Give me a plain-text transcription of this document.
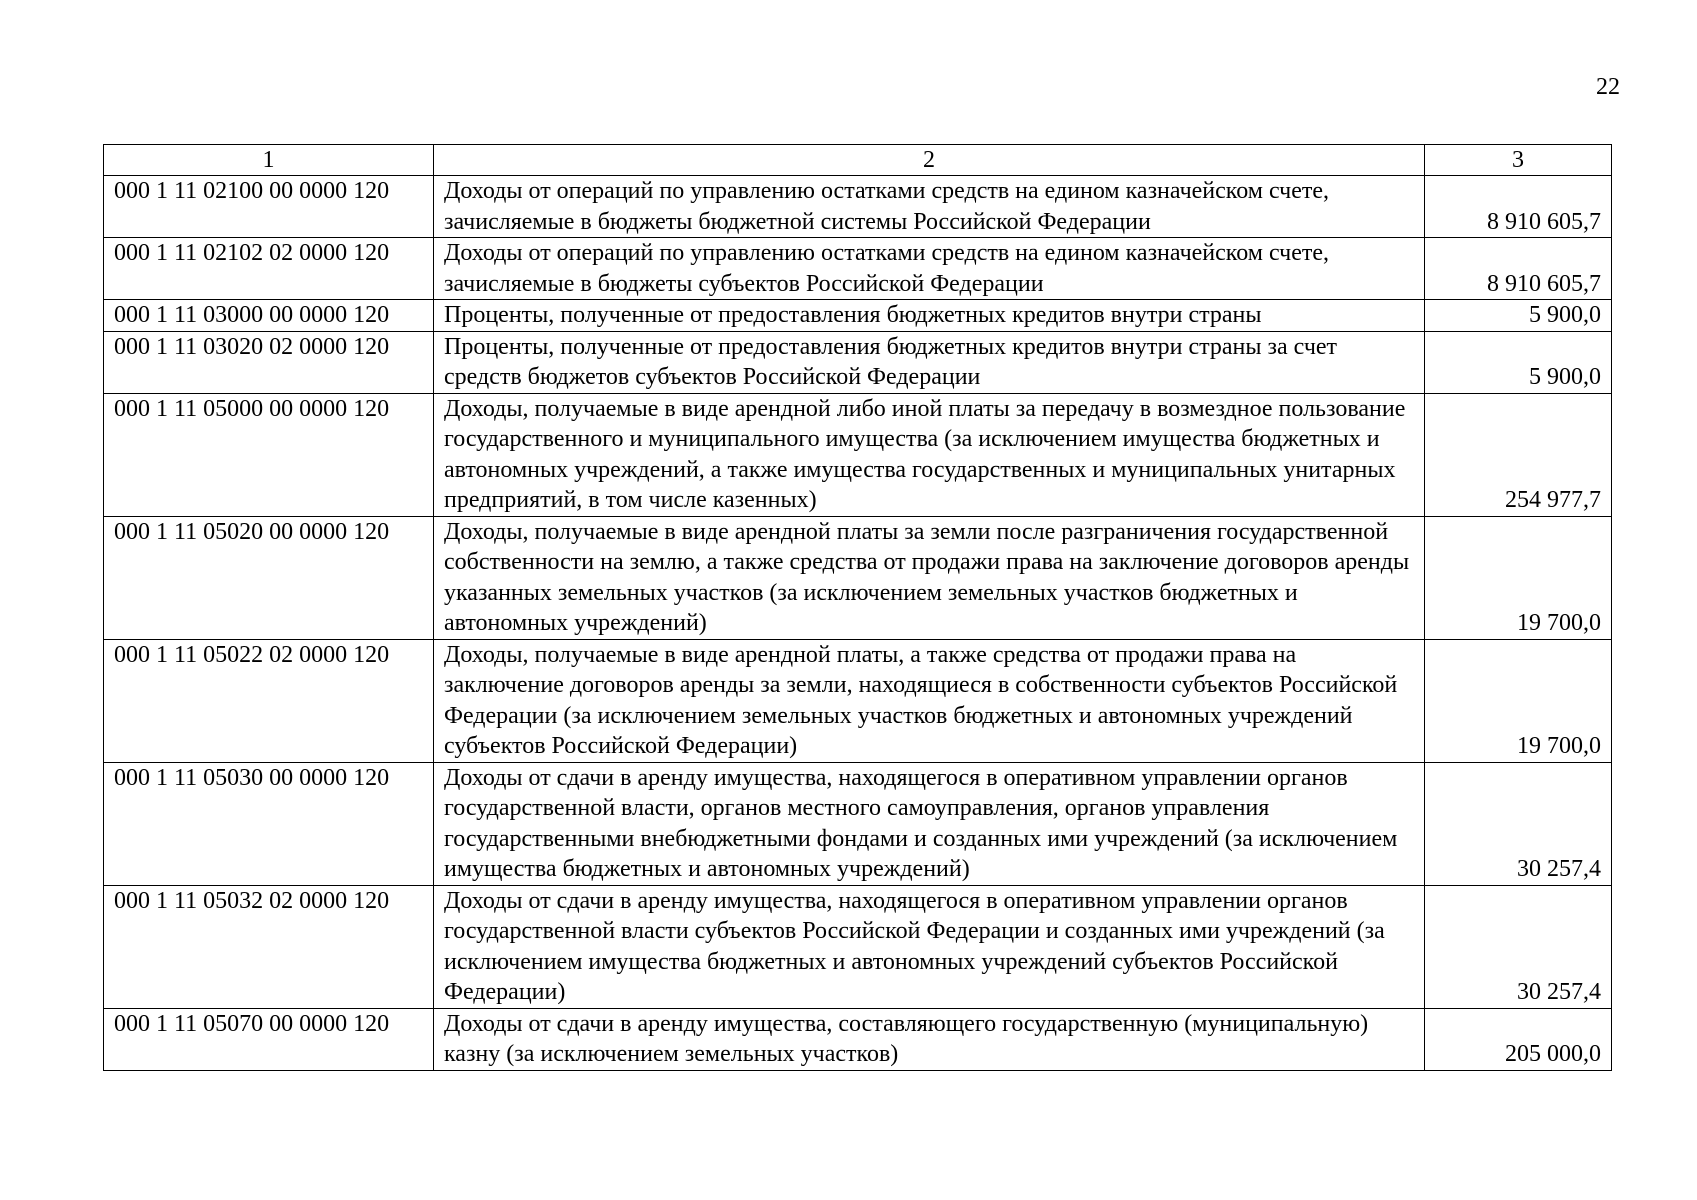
22
1	2	3
000 1 11 02100 00 0000 120	Доходы от операций по управлению остатками средств на едином казначейском счете, зачисляемые в бюджеты бюджетной системы Российской Федерации	8 910 605,7
000 1 11 02102 02 0000 120	Доходы от операций по управлению остатками средств на едином казначейском счете, зачисляемые в бюджеты субъектов Российской Федерации	8 910 605,7
000 1 11 03000 00 0000 120	Проценты, полученные от предоставления бюджетных кредитов внутри страны	5 900,0
000 1 11 03020 02 0000 120	Проценты, полученные от предоставления бюджетных кредитов внутри страны за счет средств бюджетов субъектов Российской Федерации	5 900,0
000 1 11 05000 00 0000 120	Доходы, получаемые в виде арендной либо иной платы за передачу в возмездное пользование государственного и муниципального имущества (за исключением имущества бюджетных и автономных учреждений, а также имущества государственных и муниципальных унитарных предприятий, в том числе казенных)	254 977,7
000 1 11 05020 00 0000 120	Доходы, получаемые в виде арендной платы за земли после разграничения государственной собственности на землю, а также средства от продажи права на заключение договоров аренды указанных земельных участков (за исключением земельных участков бюджетных и автономных учреждений)	19 700,0
000 1 11 05022 02 0000 120	Доходы, получаемые в виде арендной платы, а также средства от продажи права на заключение договоров аренды за земли, находящиеся в собственности субъектов Российской Федерации (за исключением земельных участков бюджетных и автономных учреждений субъектов Российской Федерации)	19 700,0
000 1 11 05030 00 0000 120	Доходы от сдачи в аренду имущества, находящегося в оперативном управлении органов государственной власти, органов местного самоуправления, органов управления государственными внебюджетными фондами и созданных ими учреждений (за исключением имущества бюджетных и автономных учреждений)	30 257,4
000 1 11 05032 02 0000 120	Доходы от сдачи в аренду имущества, находящегося в оперативном управлении органов государственной власти субъектов Российской Федерации и созданных ими учреждений (за исключением имущества бюджетных и автономных учреждений субъектов Российской Федерации)	30 257,4
000 1 11 05070 00 0000 120	Доходы от сдачи в аренду имущества, составляющего государственную (муниципальную) казну (за исключением земельных участков)	205 000,0
